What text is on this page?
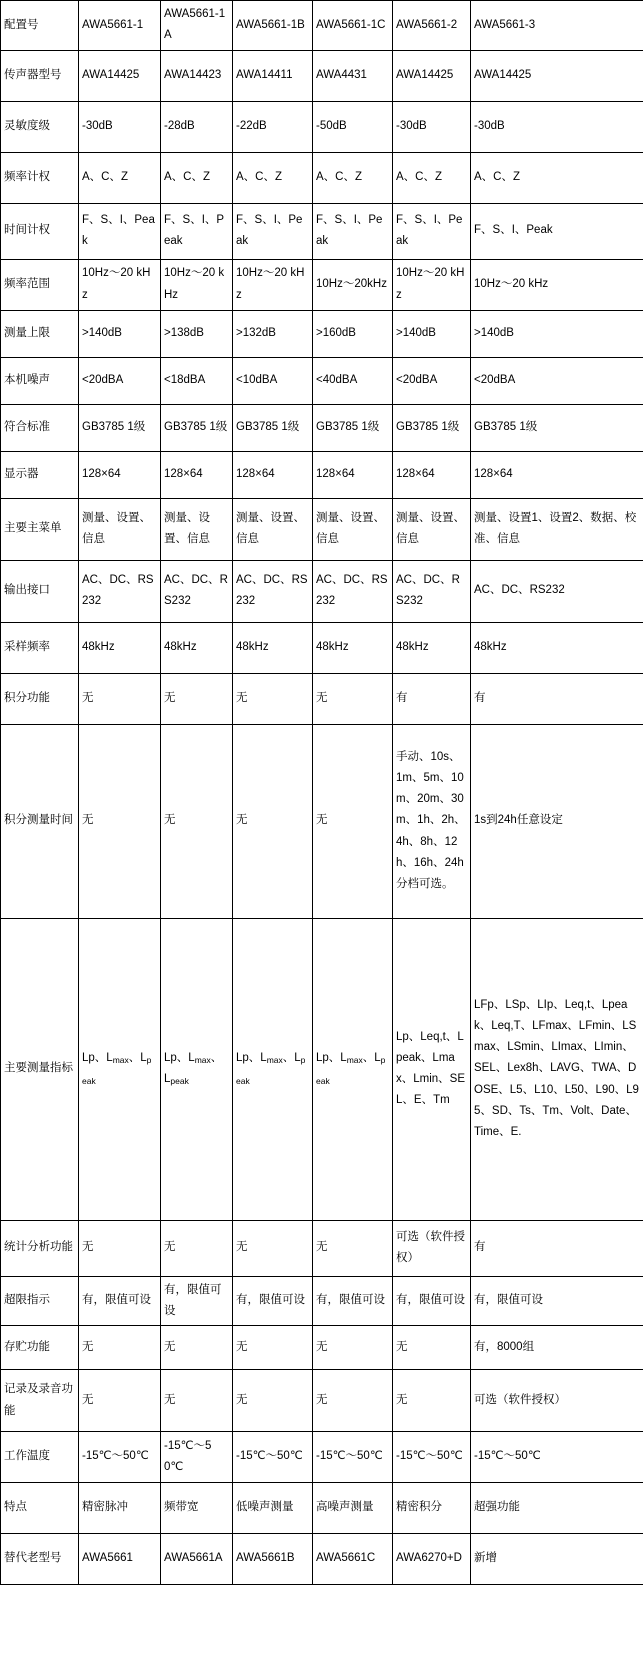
配置号	AWA5661-1	AWA5661-1A	AWA5661-1B	AWA5661-1C	AWA5661-2	AWA5661-3
传声器型号	AWA14425	AWA14423	AWA14411	AWA4431	AWA14425	AWA14425
灵敏度级	-30dB	-28dB	-22dB	-50dB	-30dB	-30dB
频率计权	A、C、Z	A、C、Z	A、C、Z	A、C、Z	A、C、Z	A、C、Z
时间计权	F、S、I、Peak	F、S、I、Peak	F、S、I、Peak	F、S、I、Peak	F、S、I、Peak	F、S、I、Peak
频率范围	10Hz～20 kHz	10Hz～20 kHz	10Hz～20 kHz	10Hz～20kHz	10Hz～20 kHz	10Hz～20 kHz
测量上限	>140dB	>138dB	>132dB	>160dB	>140dB	>140dB
本机噪声	<20dBA	<18dBA	<10dBA	<40dBA	<20dBA	<20dBA
符合标准	GB3785 1级	GB3785 1级	GB3785 1级	GB3785 1级	GB3785 1级	GB3785 1级
显示器	128×64	128×64	128×64	128×64	128×64	128×64
主要主菜单	测量、设置、信息	测量、设置、信息	测量、设置、信息	测量、设置、信息	测量、设置、信息	测量、设置1、设置2、数据、校准、信息
输出接口	AC、DC、RS232	AC、DC、RS232	AC、DC、RS232	AC、DC、RS232	AC、DC、RS232	AC、DC、RS232
采样频率	48kHz	48kHz	48kHz	48kHz	48kHz	48kHz
积分功能	无	无	无	无	有	有
积分测量时间	无	无	无	无	手动、10s、1m、5m、10m、20m、30m、1h、2h、4h、8h、12h、16h、24h分档可选。	1s到24h任意设定
主要测量指标	Lp、$L_{max}$、$L_{peak}$	Lp、$L_{max}$、$L_{peak}$	Lp、$L_{max}$、$L_{peak}$	Lp、$L_{max}$、$L_{peak}$	Lp、Leq,t、Lpeak、Lmax、Lmin、SEL、E、Tm	LFp、LSp、LIp、Leq,t、Lpeak、Leq,T、LFmax、LFmin、LSmax、LSmin、LImax、LImin、SEL、Lex8h、LAVG、TWA、DOSE、L5、L10、L50、L90、L95、SD、Ts、Tm、Volt、Date、Time、E.
统计分析功能	无	无	无	无	可选（软件授权）	有
超限指示	有，限值可设	有，限值可设	有，限值可设	有，限值可设	有，限值可设	有，限值可设
存贮功能	无	无	无	无	无	有，8000组
记录及录音功能	无	无	无	无	无	可选（软件授权）
工作温度	-15℃～50℃	-15℃～50℃	-15℃～50℃	-15℃～50℃	-15℃～50℃	-15℃～50℃
特点	精密脉冲	频带宽	低噪声测量	高噪声测量	精密积分	超强功能
替代老型号	AWA5661	AWA5661A	AWA5661B	AWA5661C	AWA6270+D	新增
